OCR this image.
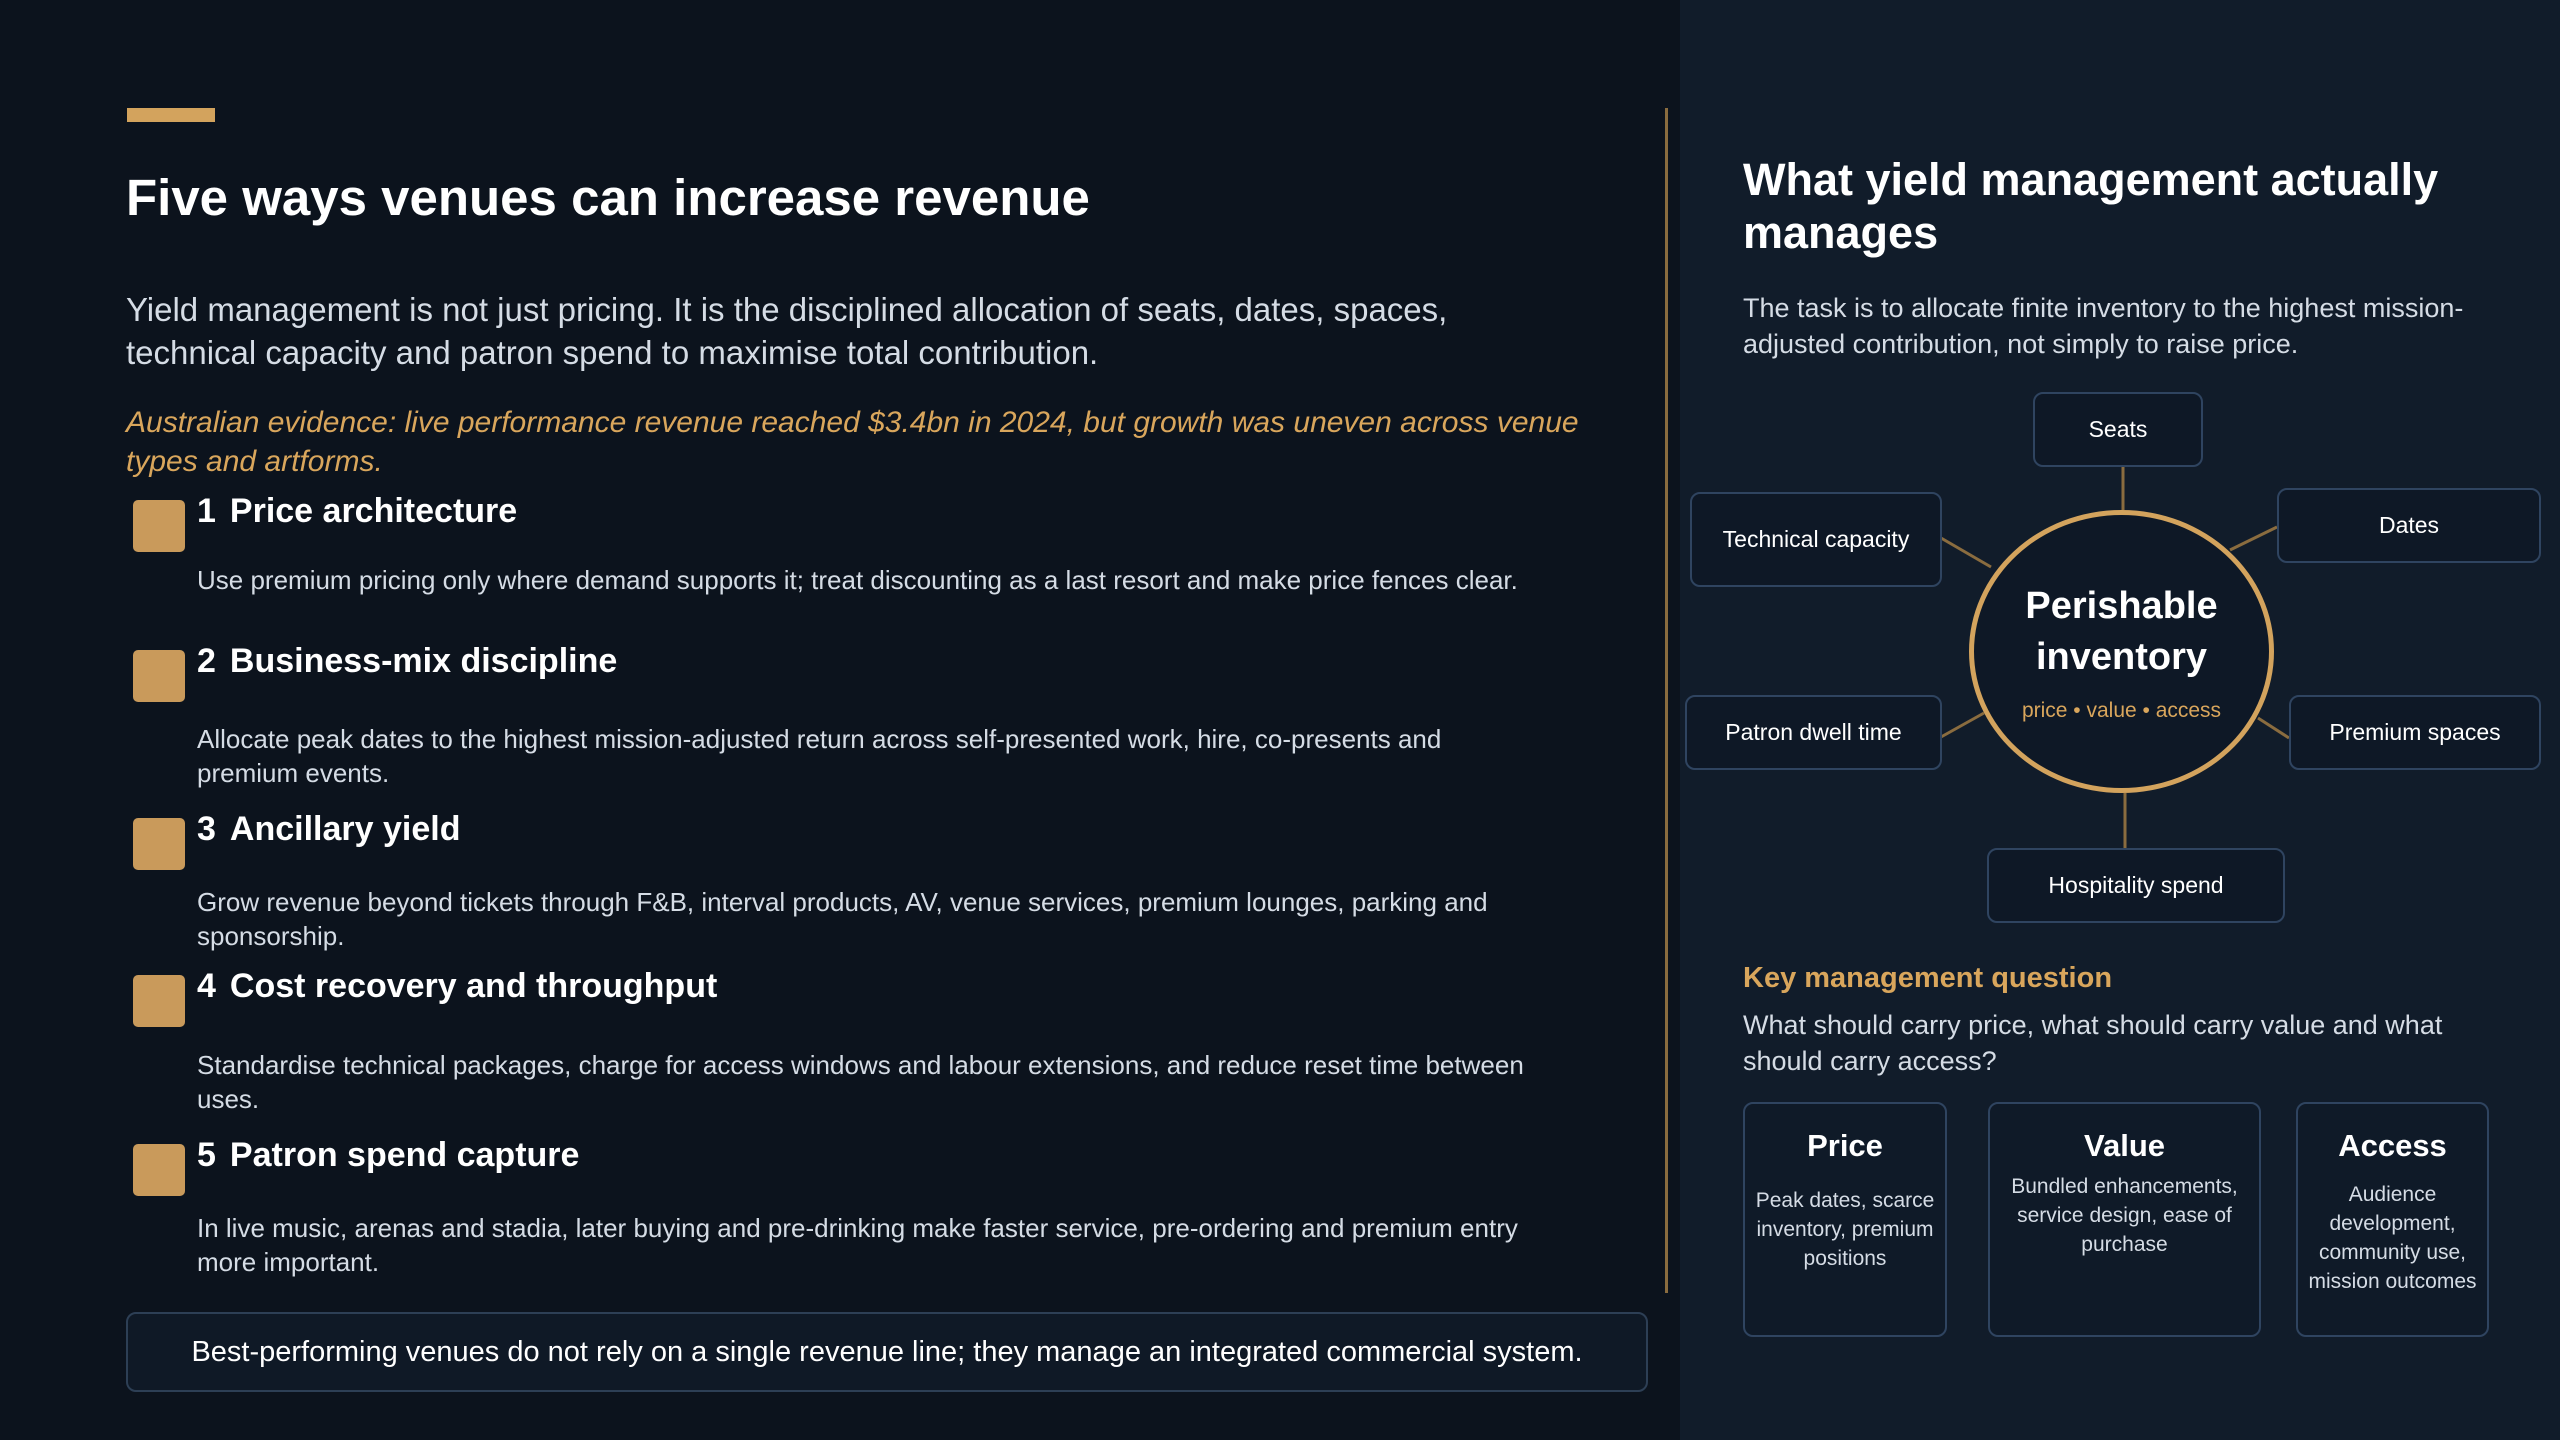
Five ways venues can increase revenue
Yield management is not just pricing. It is the disciplined allocation of seats, dates, spaces, technical capacity and patron spend to maximise total contribution.
Australian evidence: live performance revenue reached $3.4bn in 2024, but growth was uneven across venue types and artforms.
1 Price architecture
Use premium pricing only where demand supports it; treat discounting as a last resort and make price fences clear.
2 Business-mix discipline
Allocate peak dates to the highest mission-adjusted return across self-presented work, hire, co-presents and premium events.
3 Ancillary yield
Grow revenue beyond tickets through F&B, interval products, AV, venue services, premium lounges, parking and sponsorship.
4 Cost recovery and throughput
Standardise technical packages, charge for access windows and labour extensions, and reduce reset time between uses.
5 Patron spend capture
In live music, arenas and stadia, later buying and pre-drinking make faster service, pre-ordering and premium entry more important.
Best-performing venues do not rely on a single revenue line; they manage an integrated commercial system.
What yield management actually manages
The task is to allocate finite inventory to the highest mission-adjusted contribution, not simply to raise price.
Seats
Technical capacity
Dates
Patron dwell time	Premium spaces
Hospitality spend
Perishable inventory
price • value • access
Key management question
What should carry price, what should carry value and what should carry access?
Price
Peak dates, scarce inventory, premium positions
Value
Bundled enhancements, service design, ease of purchase
Access
Audience development, community use, mission outcomes
